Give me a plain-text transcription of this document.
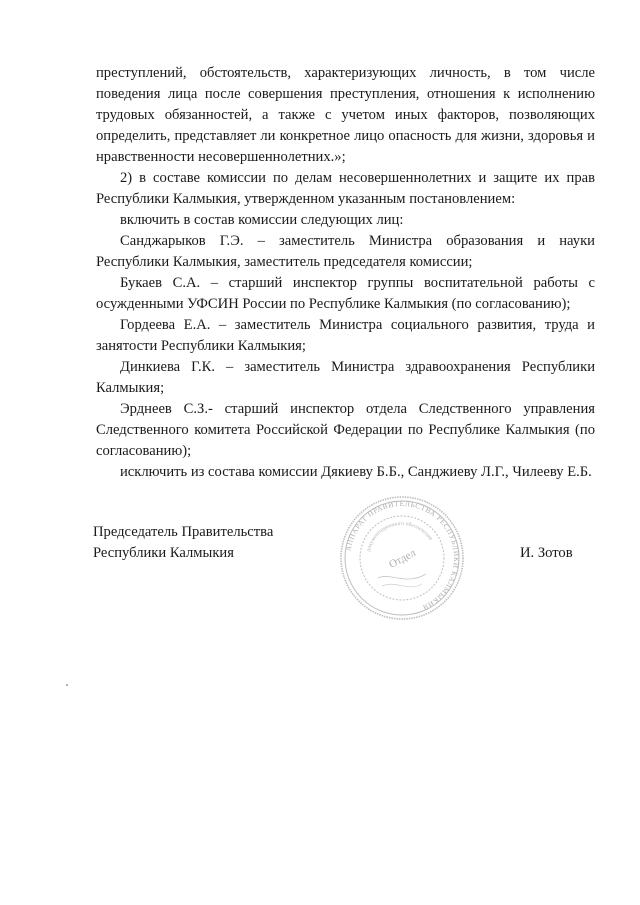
преступлений, обстоятельств, характеризующих личность, в том числе поведения лица после совершения преступления, отношения к исполнению трудовых обязанностей, а также с учетом иных факторов, позволяющих определить, представляет ли конкретное лицо опасность для жизни, здоровья и нравственности несовершеннолетних.»;

2) в составе комиссии по делам несовершеннолетних и защите их прав Республики Калмыкия, утвержденном указанным постановлением:

включить в состав комиссии следующих лиц:

Санджарыков Г.Э. – заместитель Министра образования и науки Республики Калмыкия, заместитель председателя комиссии;

Букаев С.А. – старший инспектор группы воспитательной работы с осужденными УФСИН России по Республике Калмыкия (по согласованию);

Гордеева Е.А. – заместитель Министра социального развития, труда и занятости Республики Калмыкия;

Динкиева Г.К. – заместитель Министра здравоохранения Республики Калмыкия;

Эрднеев С.З.- старший инспектор отдела Следственного управления Следственного комитета Российской Федерации по Республике Калмыкия (по согласованию);

исключить из состава комиссии Дякиеву Б.Б., Санджиеву Л.Г., Чилееву Е.Б.

Председатель Правительства
Республики Калмыкия	АППАРАТ ПРАВИТЕЛЬСТВА РЕСПУБЛИКИ КАЛМЫКИЯ
документационного обеспечения
Отдел	И. Зотов
